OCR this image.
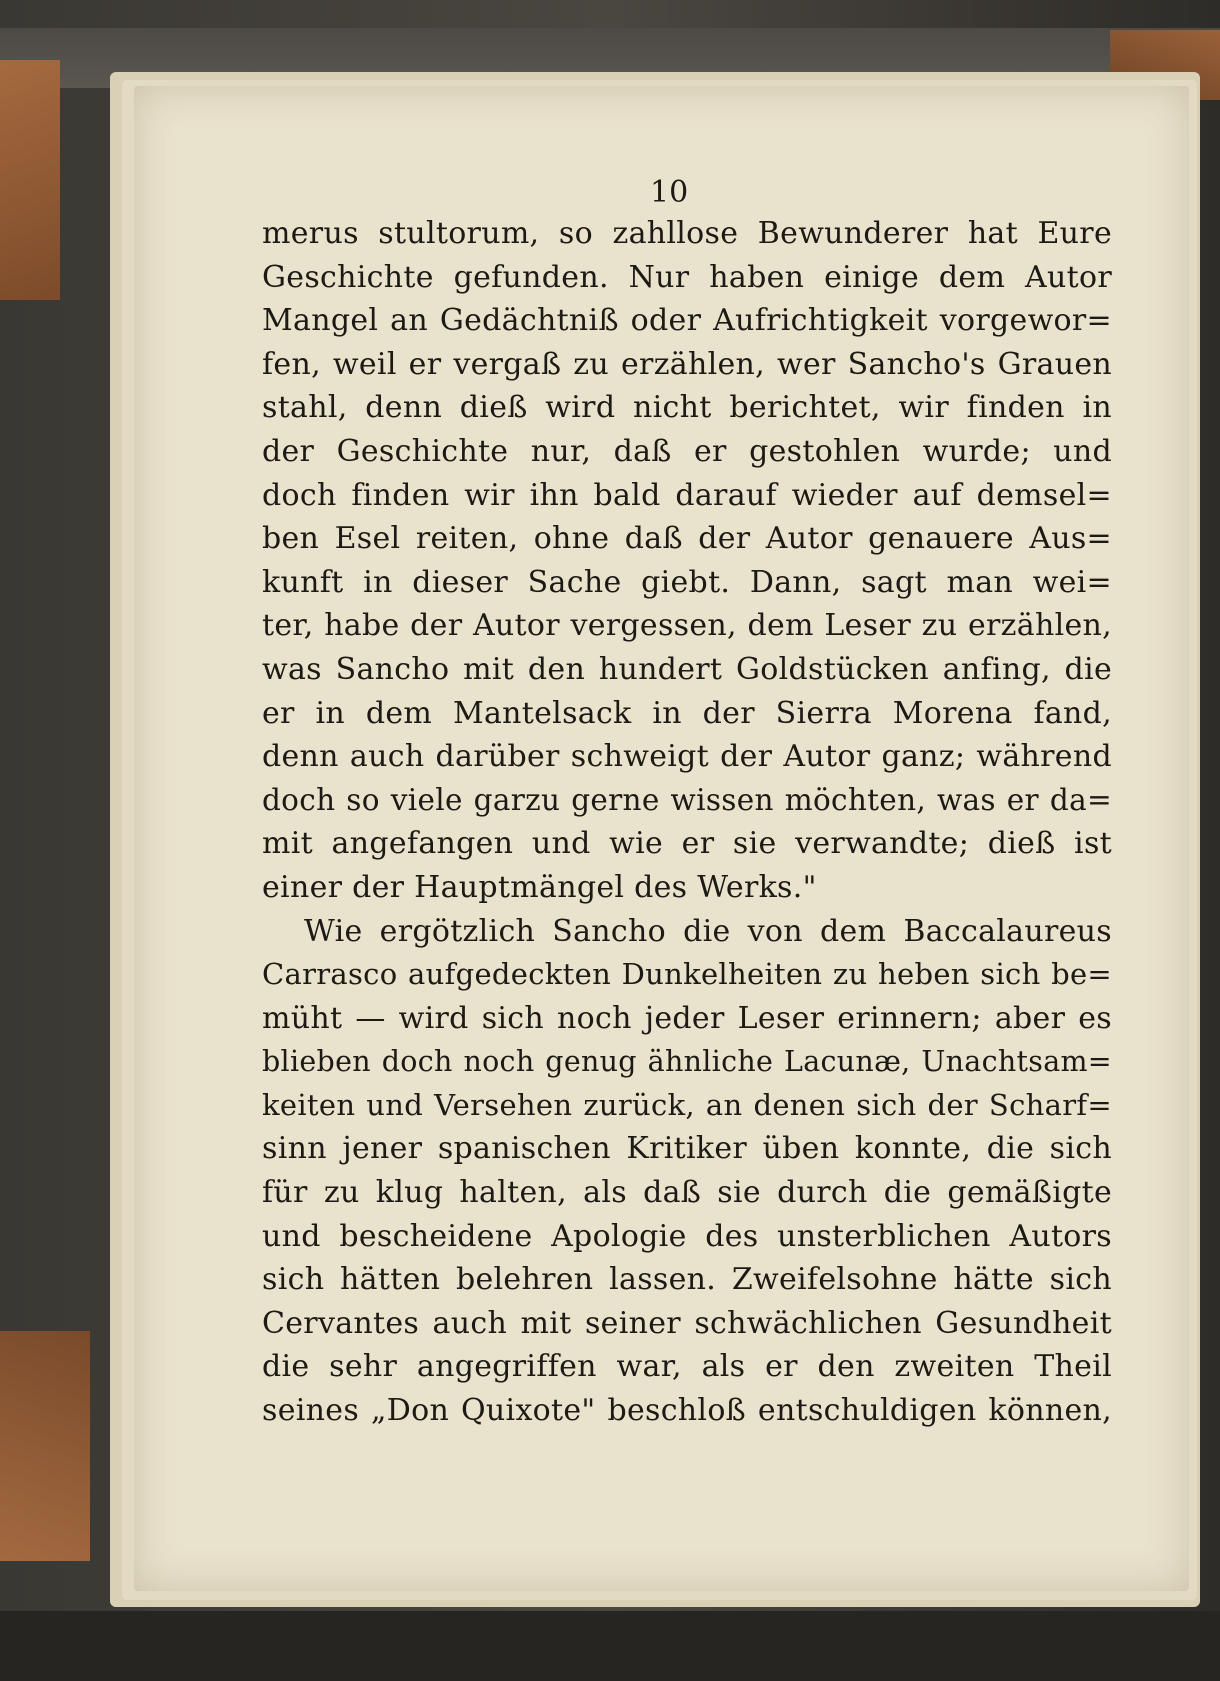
10
merus stultorum, so zahllose Bewunderer hat Eure
Geschichte gefunden. Nur haben einige dem Autor
Mangel an Gedächtniß oder Aufrichtigkeit vorgewor=
fen, weil er vergaß zu erzählen, wer Sancho's Grauen
stahl, denn dieß wird nicht berichtet, wir finden in
der Geschichte nur, daß er gestohlen wurde; und
doch finden wir ihn bald darauf wieder auf demsel=
ben Esel reiten, ohne daß der Autor genauere Aus=
kunft in dieser Sache giebt. Dann, sagt man wei=
ter, habe der Autor vergessen, dem Leser zu erzählen,
was Sancho mit den hundert Goldstücken anfing, die
er in dem Mantelsack in der Sierra Morena fand,
denn auch darüber schweigt der Autor ganz; während
doch so viele garzu gerne wissen möchten, was er da=
mit angefangen und wie er sie verwandte; dieß ist
einer der Hauptmängel des Werks."
Wie ergötzlich Sancho die von dem Baccalaureus
Carrasco aufgedeckten Dunkelheiten zu heben sich be=
müht — wird sich noch jeder Leser erinnern; aber es
blieben doch noch genug ähnliche Lacunæ, Unachtsam=
keiten und Versehen zurück, an denen sich der Scharf=
sinn jener spanischen Kritiker üben konnte, die sich
für zu klug halten, als daß sie durch die gemäßigte
und bescheidene Apologie des unsterblichen Autors
sich hätten belehren lassen. Zweifelsohne hätte sich
Cervantes auch mit seiner schwächlichen Gesundheit
die sehr angegriffen war, als er den zweiten Theil
seines „Don Quixote" beschloß entschuldigen können,
